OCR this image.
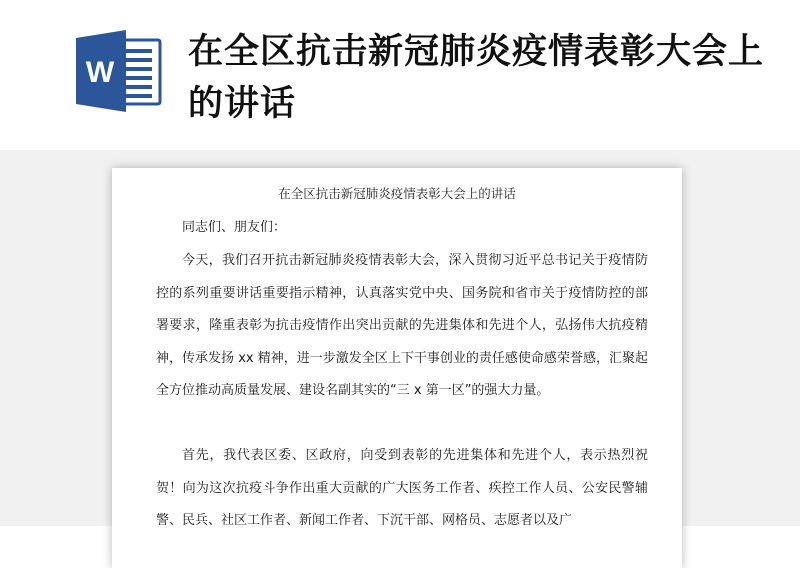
W
在全区抗击新冠肺炎疫情表彰大会上的讲话
在全区抗击新冠肺炎疫情表彰大会上的讲话

同志们、朋友们：

今天，我们召开抗击新冠肺炎疫情表彰大会，深入贯彻习近平总书记关于疫情防控的系列重要讲话重要指示精神，认真落实党中央、国务院和省市关于疫情防控的部署要求，隆重表彰为抗击疫情作出突出贡献的先进集体和先进个人，弘扬伟大抗疫精神，传承发扬 xx 精神，进一步激发全区上下干事创业的责任感使命感荣誉感，汇聚起全方位推动高质量发展、建设名副其实的“三 x 第一区”的强大力量。

首先，我代表区委、区政府，向受到表彰的先进集体和先进个人，表示热烈祝贺！向为这次抗疫斗争作出重大贡献的广大医务工作者、疾控工作人员、公安民警辅警、民兵、社区工作者、新闻工作者、下沉干部、网格员、志愿者以及广
